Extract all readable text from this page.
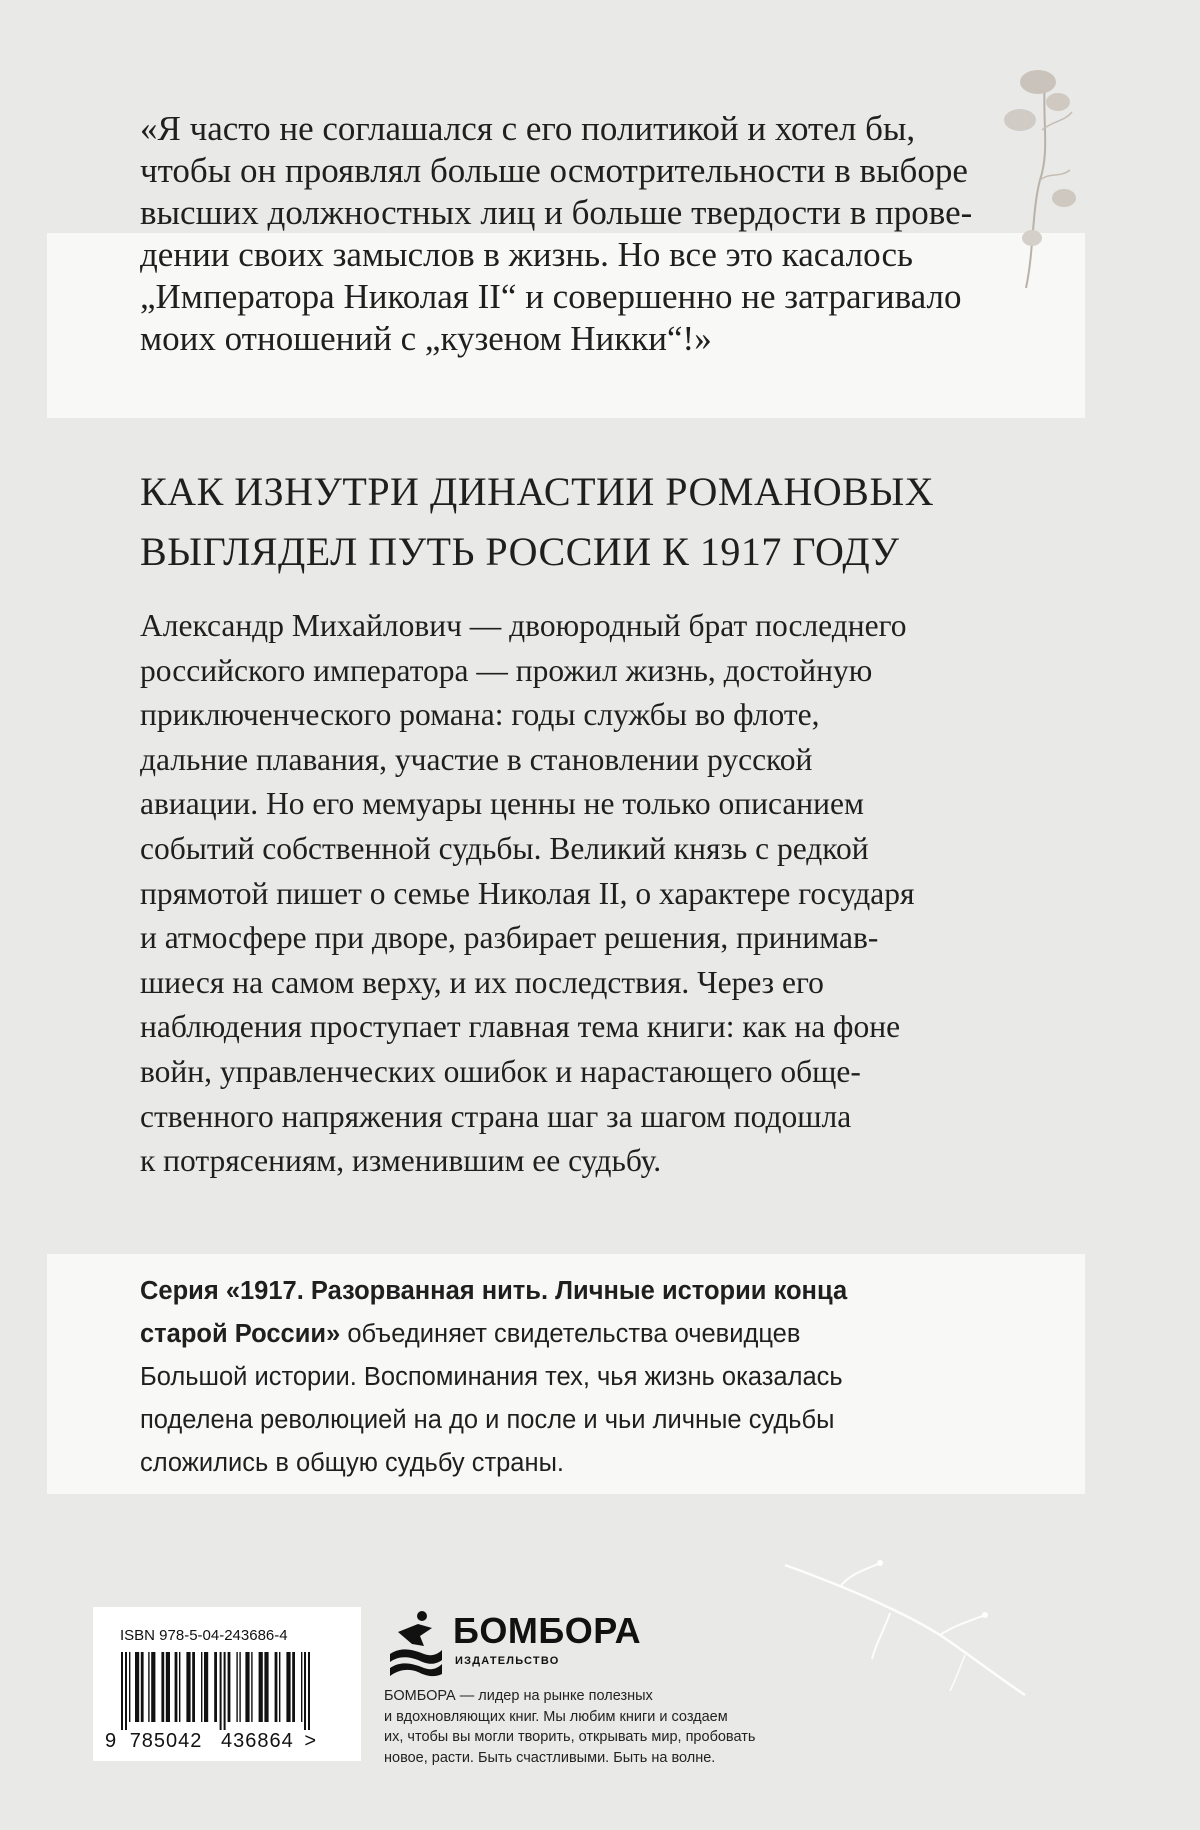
«Я часто не соглашался с его политикой и хотел бы,
чтобы он проявлял больше осмотрительности в выборе
высших должностных лиц и больше твердости в прове-
дении своих замыслов в жизнь. Но все это касалось
„Императора Николая II“ и совершенно не затрагивало
моих отношений с „кузеном Никки“!»
КАК ИЗНУТРИ ДИНАСТИИ РОМАНОВЫХ
ВЫГЛЯДЕЛ ПУТЬ РОССИИ К 1917 ГОДУ
Александр Михайлович — двоюродный брат последнего
российского императора — прожил жизнь, достойную
приключенческого романа: годы службы во флоте,
дальние плавания, участие в становлении русской
авиации. Но его мемуары ценны не только описанием
событий собственной судьбы. Великий князь с редкой
прямотой пишет о семье Николая II, о характере государя
и атмосфере при дворе, разбирает решения, принимав-
шиеся на самом верху, и их последствия. Через его
наблюдения проступает главная тема книги: как на фоне
войн, управленческих ошибок и нарастающего обще-
ственного напряжения страна шаг за шагом подошла
к потрясениям, изменившим ее судьбу.
Серия «1917. Разорванная нить. Личные истории конца
старой России» объединяет свидетельства очевидцев
Большой истории. Воспоминания тех, чья жизнь оказалась
поделена революцией на до и после и чьи личные судьбы
сложились в общую судьбу страны.
ISBN 978-5-04-243686-4
9 785042 436864 >
БОМБОРА
ИЗДАТЕЛЬСТВО
БОМБОРА — лидер на рынке полезных
и вдохновляющих книг. Мы любим книги и создаем
их, чтобы вы могли творить, открывать мир, пробовать
новое, расти. Быть счастливыми. Быть на волне.
